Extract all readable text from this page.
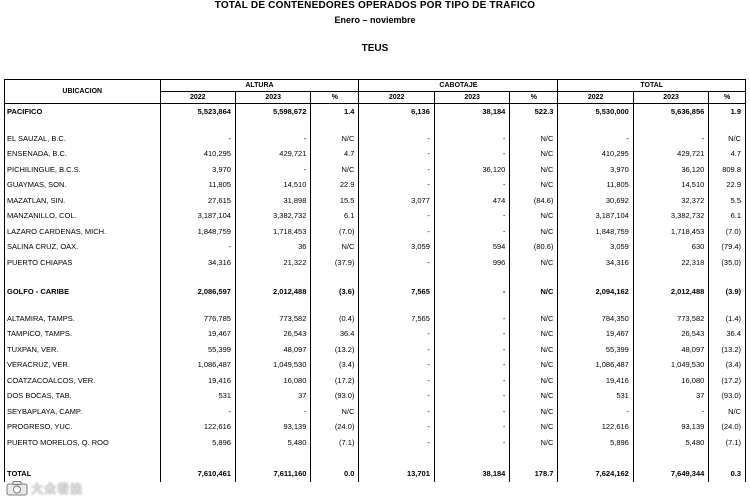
TOTAL DE CONTENEDORES OPERADOS POR TIPO DE TRAFICO
Enero – noviembre
TEUS
UBICACION	ALTURA			CABOTAJE			TOTAL		
	2022	2023	%	2022	2023	%	2022	2023	%
PACIFICO	5,523,864	5,598,672	1.4	6,136	38,184	522.3	5,530,000	5,636,856	1.9

EL SAUZAL, B.C.	-	-	N/C	-	-	N/C	-	-	N/C
ENSENADA, B.C.	410,295	429,721	4.7	-	-	N/C	410,295	429,721	4.7
PICHILINGUE, B.C.S.	3,970	-	N/C	-	36,120	N/C	3,970	36,120	809.8
GUAYMAS, SON.	11,805	14,510	22.9	-	-	N/C	11,805	14,510	22.9
MAZATLAN, SIN.	27,615	31,898	15.5	3,077	474	(84.6)	30,692	32,372	5.5
MANZANILLO, COL.	3,187,104	3,382,732	6.1	-	-	N/C	3,187,104	3,382,732	6.1
LAZARO CARDENAS, MICH.	1,848,759	1,718,453	(7.0)	-	-	N/C	1,848,759	1,718,453	(7.0)
SALINA CRUZ, OAX.	-	36	N/C	3,059	594	(80.6)	3,059	630	(79.4)
PUERTO CHIAPAS	34,316	21,322	(37.9)	-	996	N/C	34,316	22,318	(35.0)

GOLFO - CARIBE	2,086,597	2,012,488	(3.6)	7,565	-	N/C	2,094,162	2,012,488	(3.9)

ALTAMIRA, TAMPS.	776,785	773,582	(0.4)	7,565	-	N/C	784,350	773,582	(1.4)
TAMPICO, TAMPS.	19,467	26,543	36.4	-	-	N/C	19,467	26,543	36.4
TUXPAN, VER.	55,399	48,097	(13.2)	-	-	N/C	55,399	48,097	(13.2)
VERACRUZ, VER.	1,086,487	1,049,530	(3.4)	-	-	N/C	1,086,487	1,049,530	(3.4)
COATZACOALCOS, VER.	19,416	16,080	(17.2)	-	-	N/C	19,416	16,080	(17.2)
DOS BOCAS, TAB.	531	37	(93.0)	-	-	N/C	531	37	(93.0)
SEYBAPLAYA, CAMP.	-	-	N/C	-	-	N/C	-	-	N/C
PROGRESO, YUC.	122,616	93,139	(24.0)	-	-	N/C	122,616	93,139	(24.0)
PUERTO MORELOS, Q. ROO	5,896	5,480	(7.1)	-	-	N/C	5,896	5,480	(7.1)

TOTAL	7,610,461	7,611,160	0.0	13,701	38,184	178.7	7,624,162	7,649,344	0.3
大众看法
